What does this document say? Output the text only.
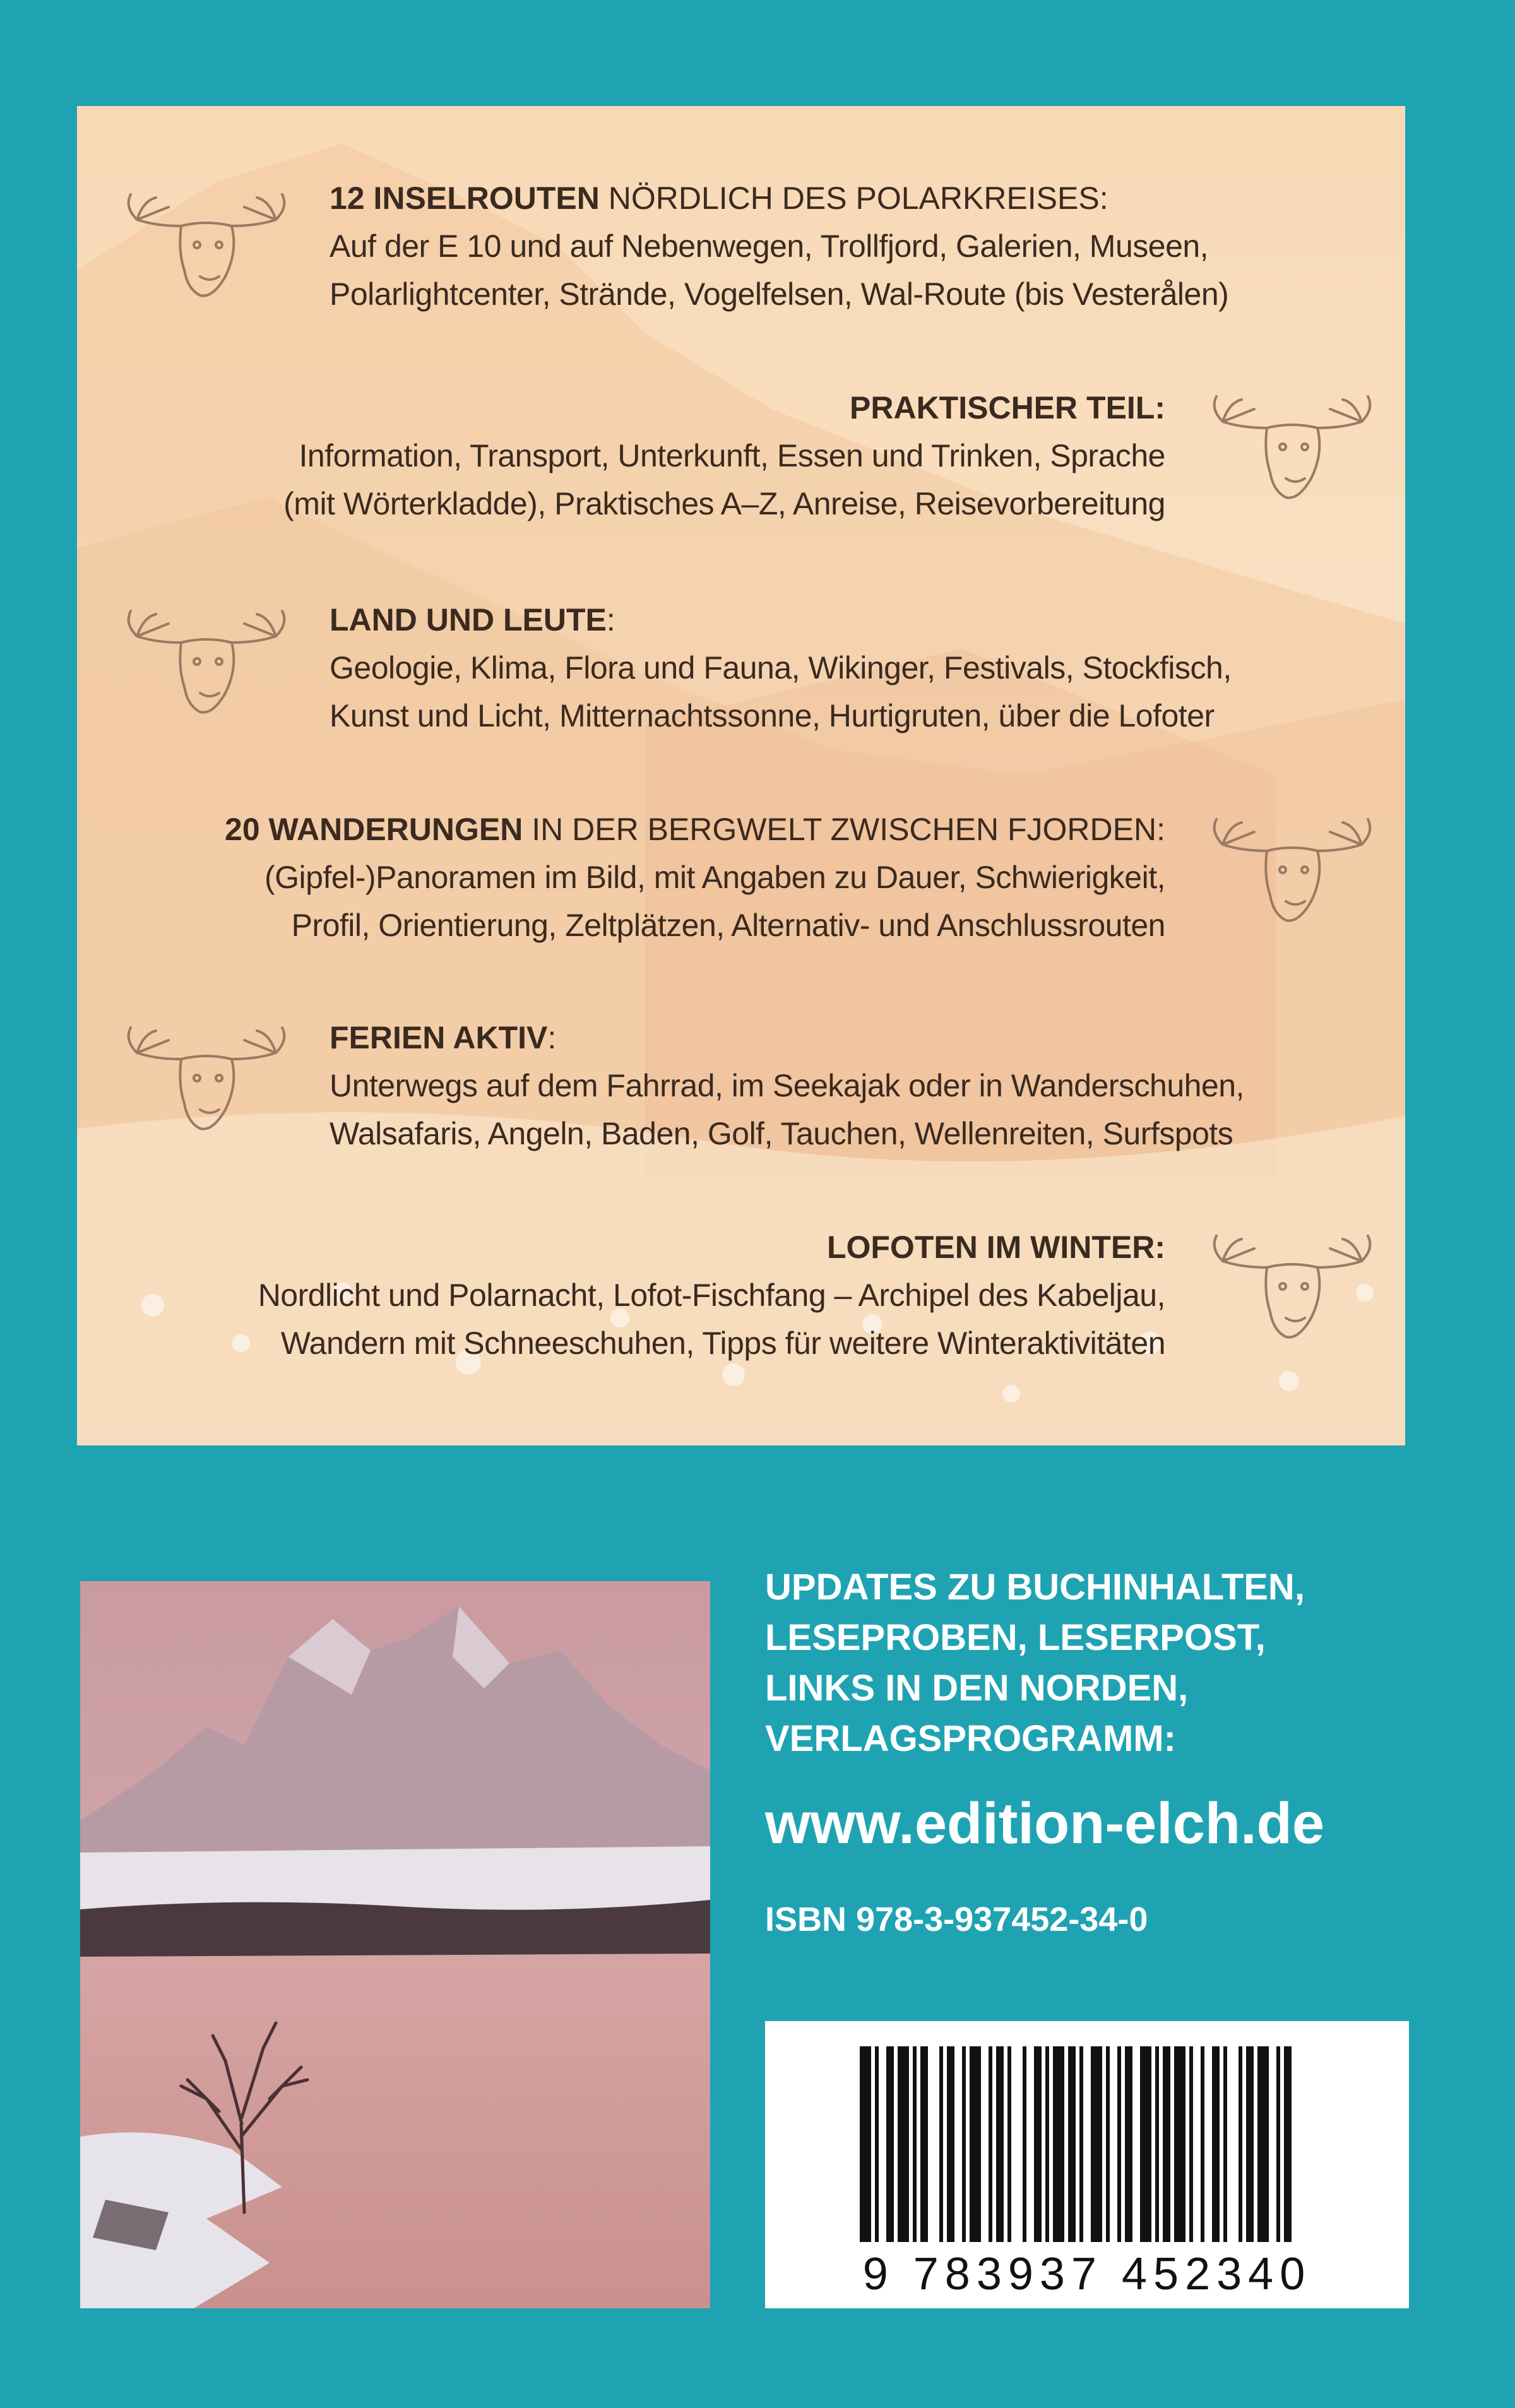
12 INSELROUTEN NÖRDLICH DES POLARKREISES:
Auf der E 10 und auf Nebenwegen, Trollfjord, Galerien, Museen,
Polarlightcenter, Strände, Vogelfelsen, Wal-Route (bis Vesterålen)
PRAKTISCHER TEIL:
Information, Transport, Unterkunft, Essen und Trinken, Sprache
(mit Wörterkladde), Praktisches A–Z, Anreise, Reisevorbereitung
LAND UND LEUTE:
Geologie, Klima, Flora und Fauna, Wikinger, Festivals, Stockfisch,
Kunst und Licht, Mitternachtssonne, Hurtigruten, über die Lofoter
20 WANDERUNGEN IN DER BERGWELT ZWISCHEN FJORDEN:
(Gipfel-)Panoramen im Bild, mit Angaben zu Dauer, Schwierigkeit,
Profil, Orientierung, Zeltplätzen, Alternativ- und Anschlussrouten
FERIEN AKTIV:
Unterwegs auf dem Fahrrad, im Seekajak oder in Wanderschuhen,
Walsafaris, Angeln, Baden, Golf, Tauchen, Wellenreiten, Surfspots
LOFOTEN IM WINTER:
Nordlicht und Polarnacht, Lofot-Fischfang – Archipel des Kabeljau,
Wandern mit Schneeschuhen, Tipps für weitere Winteraktivitäten
UPDATES ZU BUCHINHALTEN,
LESEPROBEN, LESERPOST,
LINKS IN DEN NORDEN,
VERLAGSPROGRAMM:
www.edition-elch.de
ISBN 978-3-937452-34-0
9 783937 452340
